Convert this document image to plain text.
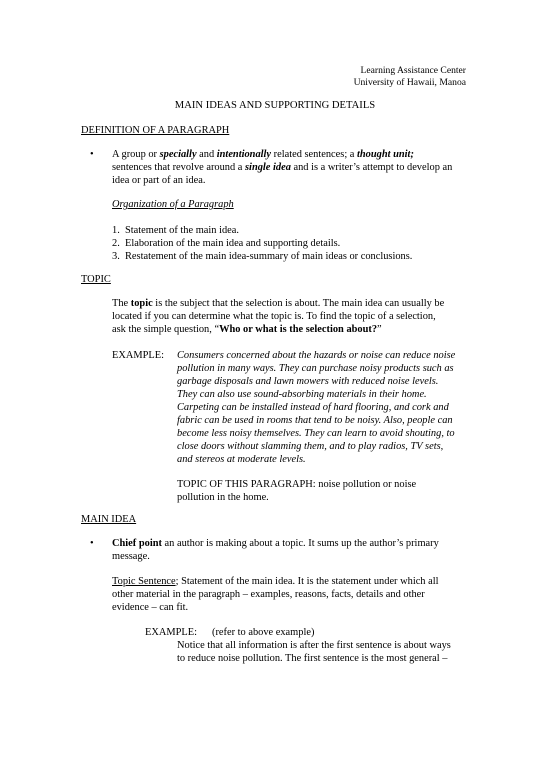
Learning Assistance Center
University of Hawaii, Manoa
MAIN IDEAS AND SUPPORTING DETAILS
DEFINITION OF A PARAGRAPH
• A group or specially and intentionally related sentences; a thought unit;
sentences that revolve around a single idea and is a writer’s attempt to develop an
idea or part of an idea.
Organization of a Paragraph
1.  Statement of the main idea.
2.  Elaboration of the main idea and supporting details.
3.  Restatement of the main idea-summary of main ideas or conclusions.
TOPIC
The topic is the subject that the selection is about. The main idea can usually be
located if you can determine what the topic is. To find the topic of a selection,
ask the simple question, “Who or what is the selection about?”
EXAMPLE: Consumers concerned about the hazards or noise can reduce noise
pollution in many ways. They can purchase noisy products such as
garbage disposals and lawn mowers with reduced noise levels.
They can also use sound-absorbing materials in their home.
Carpeting can be installed instead of hard flooring, and cork and
fabric can be used in rooms that tend to be noisy. Also, people can
become less noisy themselves. They can learn to avoid shouting, to
close doors without slamming them, and to play radios, TV sets,
and stereos at moderate levels.
TOPIC OF THIS PARAGRAPH: noise pollution or noise
pollution in the home.
MAIN IDEA
• Chief point an author is making about a topic. It sums up the author’s primary
message.
Topic Sentence; Statement of the main idea. It is the statement under which all
other material in the paragraph – examples, reasons, facts, details and other
evidence – can fit.
EXAMPLE: (refer to above example)
Notice that all information is after the first sentence is about ways
to reduce noise pollution. The first sentence is the most general –
